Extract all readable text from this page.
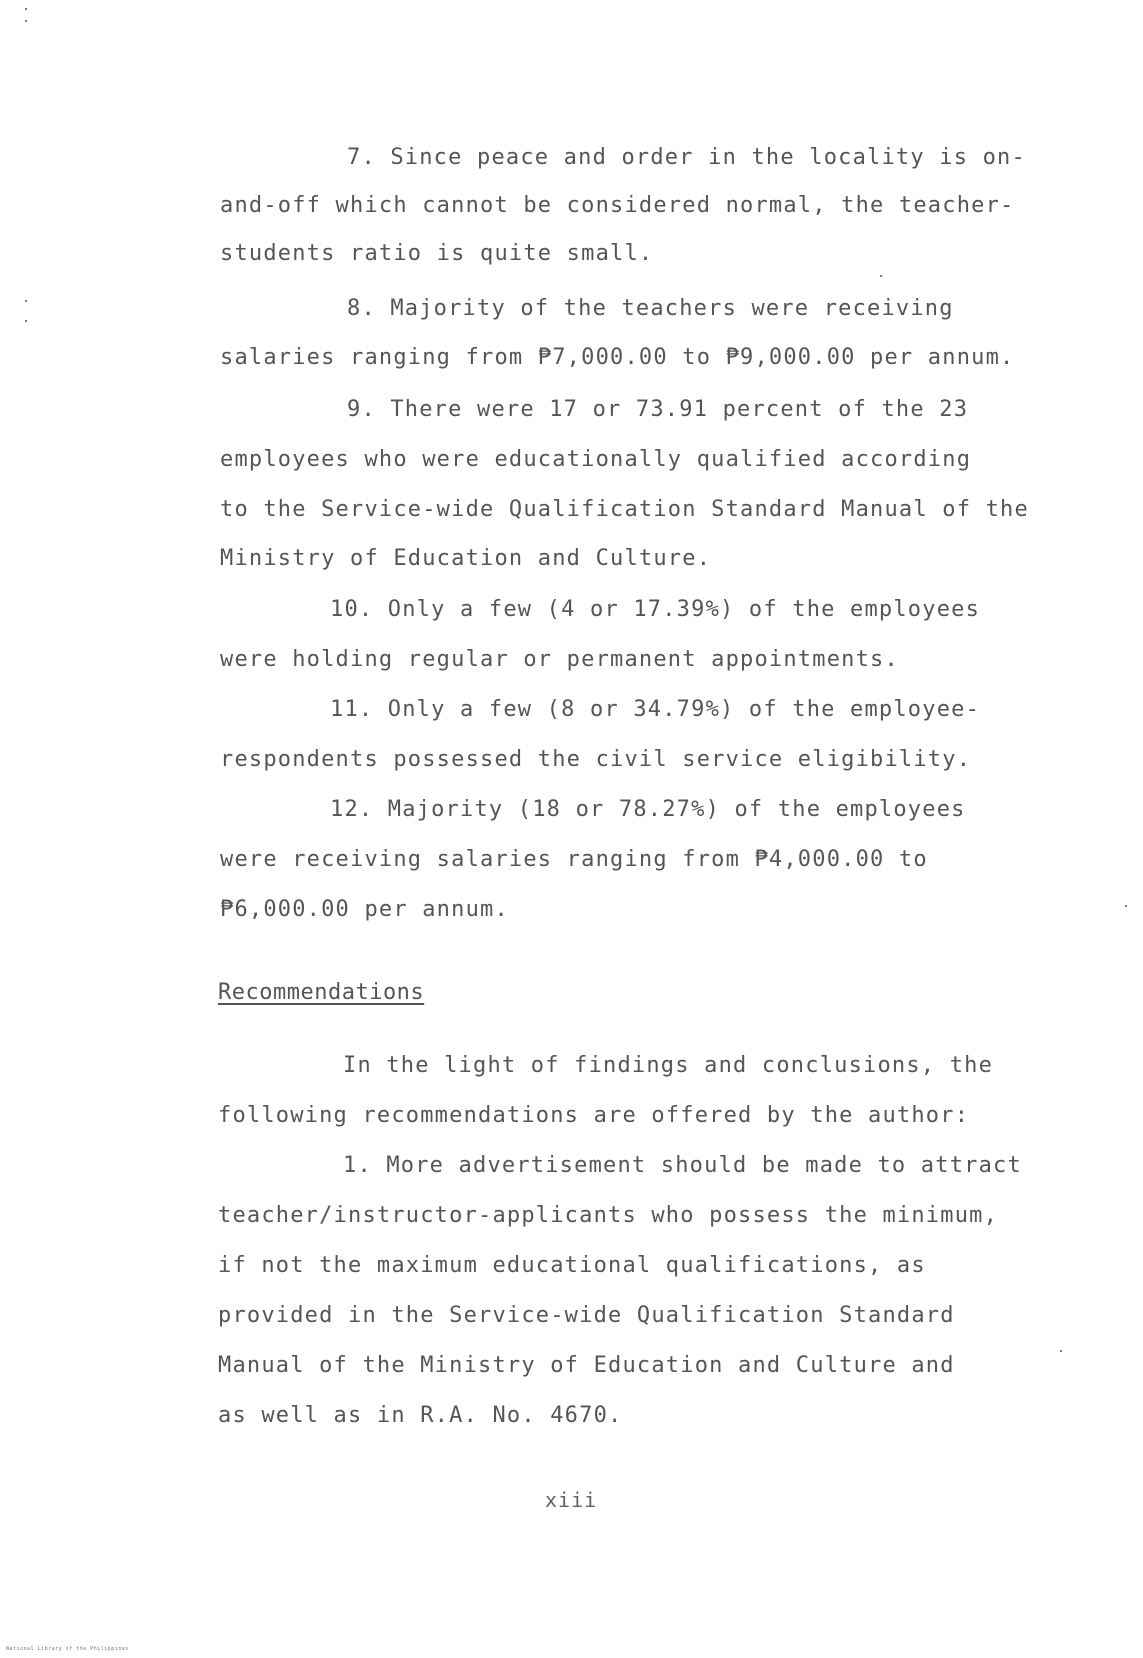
7. Since peace and order in the locality is on-
and-off which cannot be considered normal, the teacher-
students ratio is quite small.
8. Majority of the teachers were receiving
salaries ranging from ₱7,000.00 to ₱9,000.00 per annum.
9. There were 17 or 73.91 percent of the 23
employees who were educationally qualified according
to the Service-wide Qualification Standard Manual of the
Ministry of Education and Culture.
10. Only a few (4 or 17.39%) of the employees
were holding regular or permanent appointments.
11. Only a few (8 or 34.79%) of the employee-
respondents possessed the civil service eligibility.
12. Majority (18 or 78.27%) of the employees
were receiving salaries ranging from ₱4,000.00 to
₱6,000.00 per annum.
Recommendations
In the light of findings and conclusions, the
following recommendations are offered by the author:
1. More advertisement should be made to attract
teacher/instructor-applicants who possess the minimum,
if not the maximum educational qualifications, as
provided in the Service-wide Qualification Standard
Manual of the Ministry of Education and Culture and
as well as in R.A. No. 4670.
xiii
National Library of the Philippines
